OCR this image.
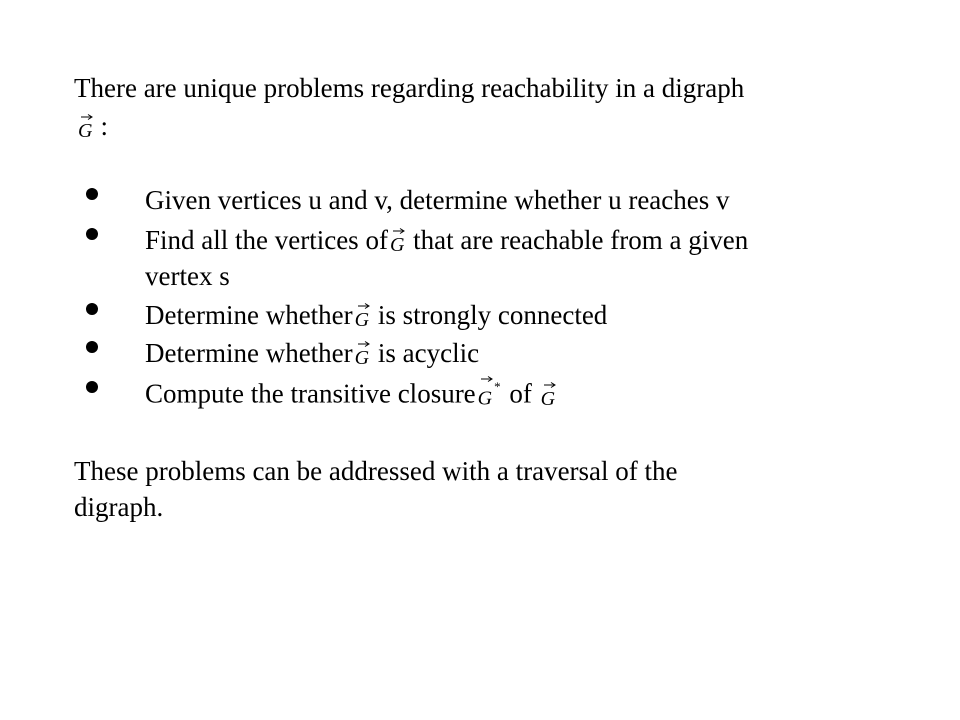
There are unique problems regarding reachability in a digraph
G :
Given vertices u and v, determine whether u reaches v
Find all the vertices of G that are reachable from a given
vertex s
Determine whether G is strongly connected
Determine whether G is acyclic
Compute the transitive closure G* of G
These problems can be addressed with a traversal of the
digraph.
